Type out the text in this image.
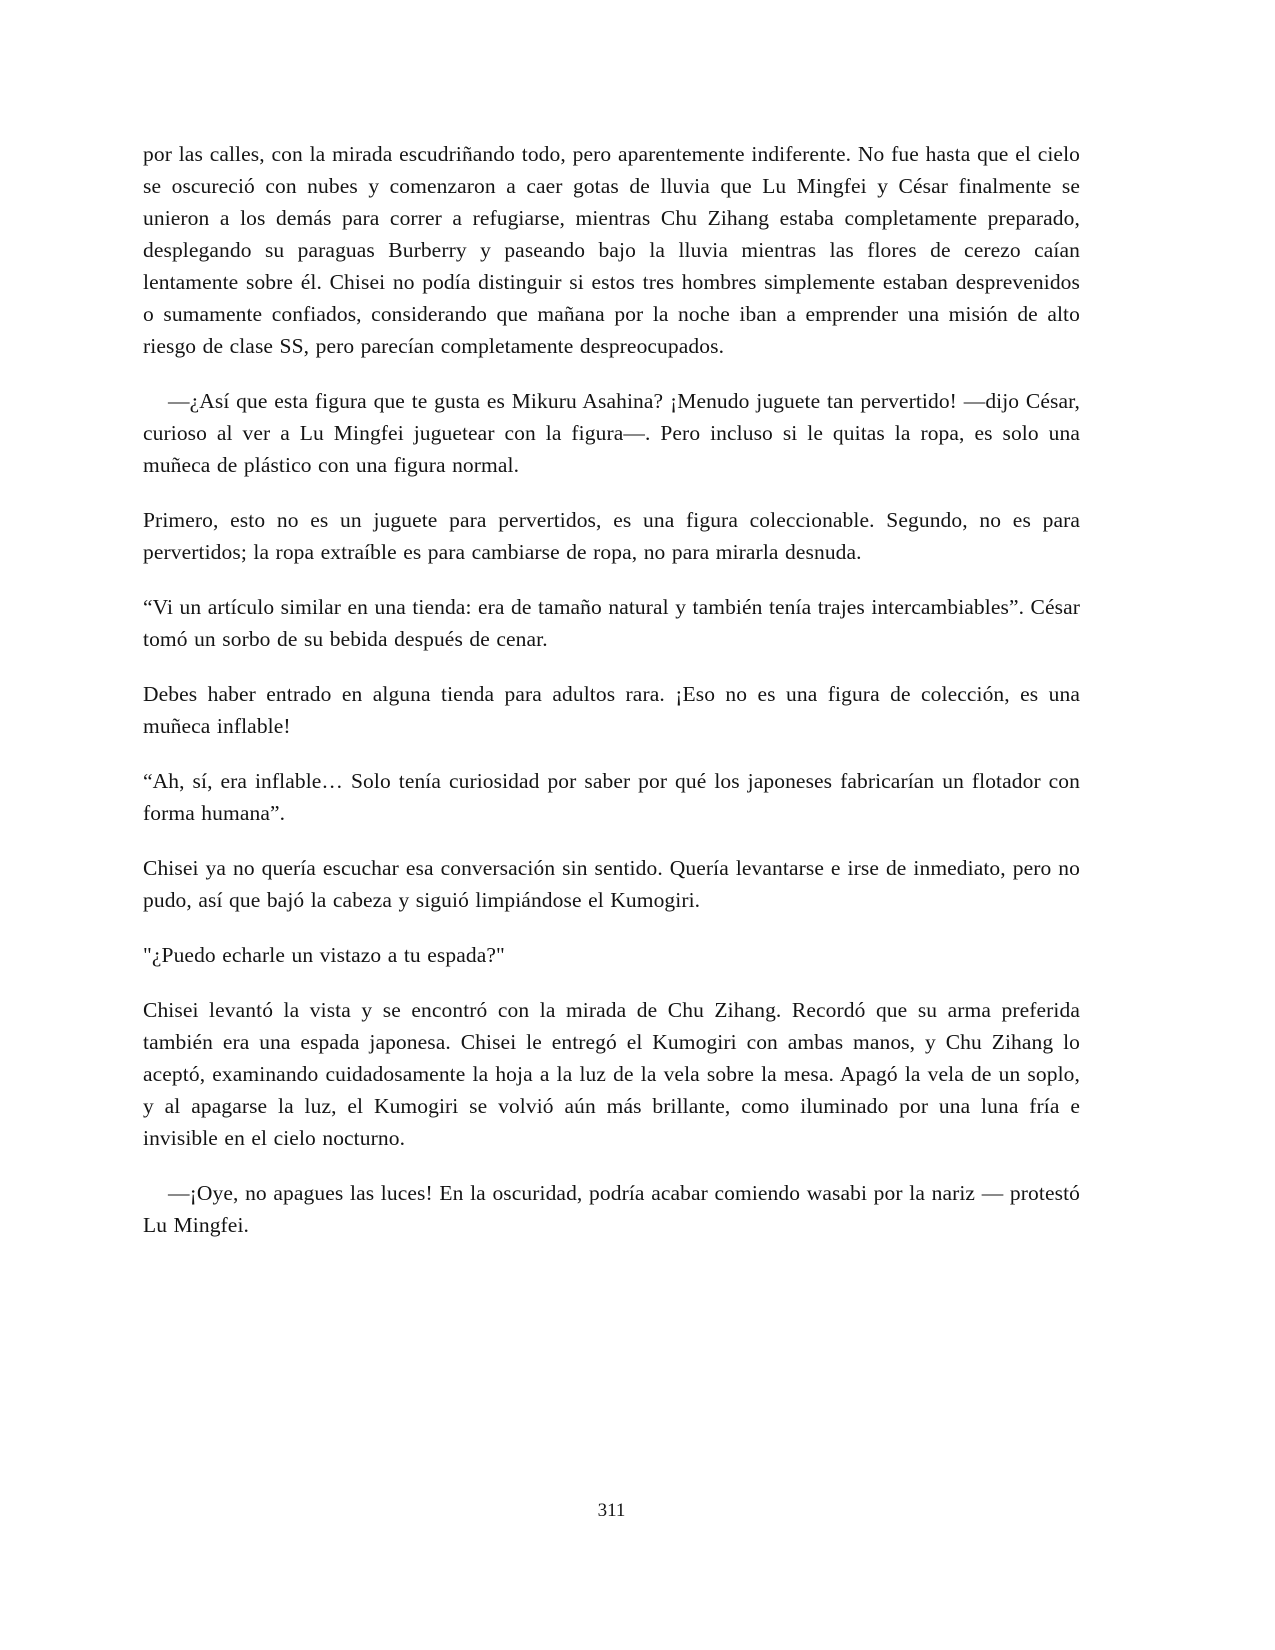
por las calles, con la mirada escudriñando todo, pero aparentemente indiferente. No fue hasta que el cielo se oscureció con nubes y comenzaron a caer gotas de lluvia que Lu Mingfei y César finalmente se unieron a los demás para correr a refugiarse, mientras Chu Zihang estaba completamente preparado, desplegando su paraguas Burberry y paseando bajo la lluvia mientras las flores de cerezo caían lentamente sobre él. Chisei no podía distinguir si estos tres hombres simplemente estaban desprevenidos o sumamente confiados, considerando que mañana por la noche iban a emprender una misión de alto riesgo de clase SS, pero parecían completamente despreocupados.

—¿Así que esta figura que te gusta es Mikuru Asahina? ¡Menudo juguete tan pervertido! —dijo César, curioso al ver a Lu Mingfei juguetear con la figura—. Pero incluso si le quitas la ropa, es solo una muñeca de plástico con una figura normal.

Primero, esto no es un juguete para pervertidos, es una figura coleccionable. Segundo, no es para pervertidos; la ropa extraíble es para cambiarse de ropa, no para mirarla desnuda.

“Vi un artículo similar en una tienda: era de tamaño natural y también tenía trajes intercambiables”. César tomó un sorbo de su bebida después de cenar.

Debes haber entrado en alguna tienda para adultos rara. ¡Eso no es una figura de colección, es una muñeca inflable!

“Ah, sí, era inflable… Solo tenía curiosidad por saber por qué los japoneses fabricarían un flotador con forma humana”.

Chisei ya no quería escuchar esa conversación sin sentido. Quería levantarse e irse de inmediato, pero no pudo, así que bajó la cabeza y siguió limpiándose el Kumogiri.

"¿Puedo echarle un vistazo a tu espada?"

Chisei levantó la vista y se encontró con la mirada de Chu Zihang. Recordó que su arma preferida también era una espada japonesa. Chisei le entregó el Kumogiri con ambas manos, y Chu Zihang lo aceptó, examinando cuidadosamente la hoja a la luz de la vela sobre la mesa. Apagó la vela de un soplo, y al apagarse la luz, el Kumogiri se volvió aún más brillante, como iluminado por una luna fría e invisible en el cielo nocturno.

—¡Oye, no apagues las luces! En la oscuridad, podría acabar comiendo wasabi por la nariz — protestó Lu Mingfei.

311
